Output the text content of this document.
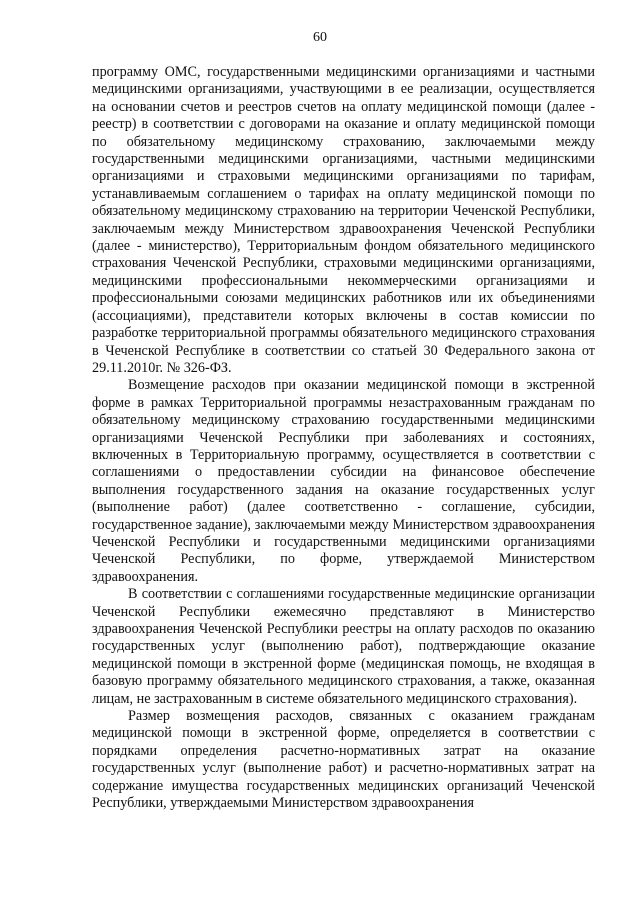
60

программу ОМС, государственными медицинскими организациями и частными медицинскими организациями, участвующими в ее реализации, осуществляется на основании счетов и реестров счетов на оплату медицинской помощи (далее - реестр) в соответствии с договорами на оказание и оплату медицинской помощи по обязательному медицинскому страхованию, заключаемыми между государственными медицинскими организациями, частными медицинскими организациями и страховыми медицинскими организациями по тарифам, устанавливаемым соглашением о тарифах на оплату медицинской помощи по обязательному медицинскому страхованию на территории Чеченской Республики, заключаемым между Министерством здравоохранения Чеченской Республики (далее - министерство), Территориальным фондом обязательного медицинского страхования Чеченской Республики, страховыми медицинскими организациями, медицинскими профессиональными некоммерческими организациями и профессиональными союзами медицинских работников или их объединениями (ассоциациями), представители которых включены в состав комиссии по разработке территориальной программы обязательного медицинского страхования в Чеченской Республике в соответствии со статьей 30 Федерального закона от 29.11.2010г. № 326-ФЗ.

Возмещение расходов при оказании медицинской помощи в экстренной форме в рамках Территориальной программы незастрахованным гражданам по обязательному медицинскому страхованию государственными медицинскими организациями Чеченской Республики при заболеваниях и состояниях, включенных в Территориальную программу, осуществляется в соответствии с соглашениями о предоставлении субсидии на финансовое обеспечение выполнения государственного задания на оказание государственных услуг (выполнение работ) (далее соответственно - соглашение, субсидии, государственное задание), заключаемыми между Министерством здравоохранения Чеченской Республики и государственными медицинскими организациями Чеченской Республики, по форме, утверждаемой Министерством здравоохранения.

В соответствии с соглашениями государственные медицинские организации Чеченской Республики ежемесячно представляют в Министерство здравоохранения Чеченской Республики реестры на оплату расходов по оказанию государственных услуг (выполнению работ), подтверждающие оказание медицинской помощи в экстренной форме (медицинская помощь, не входящая в базовую программу обязательного медицинского страхования, а также, оказанная лицам, не застрахованным в системе обязательного медицинского страхования).

Размер возмещения расходов, связанных с оказанием гражданам медицинской помощи в экстренной форме, определяется в соответствии с порядками определения расчетно-нормативных затрат на оказание государственных услуг (выполнение работ) и расчетно-нормативных затрат на содержание имущества государственных медицинских организаций Чеченской Республики, утверждаемыми Министерством здравоохранения
